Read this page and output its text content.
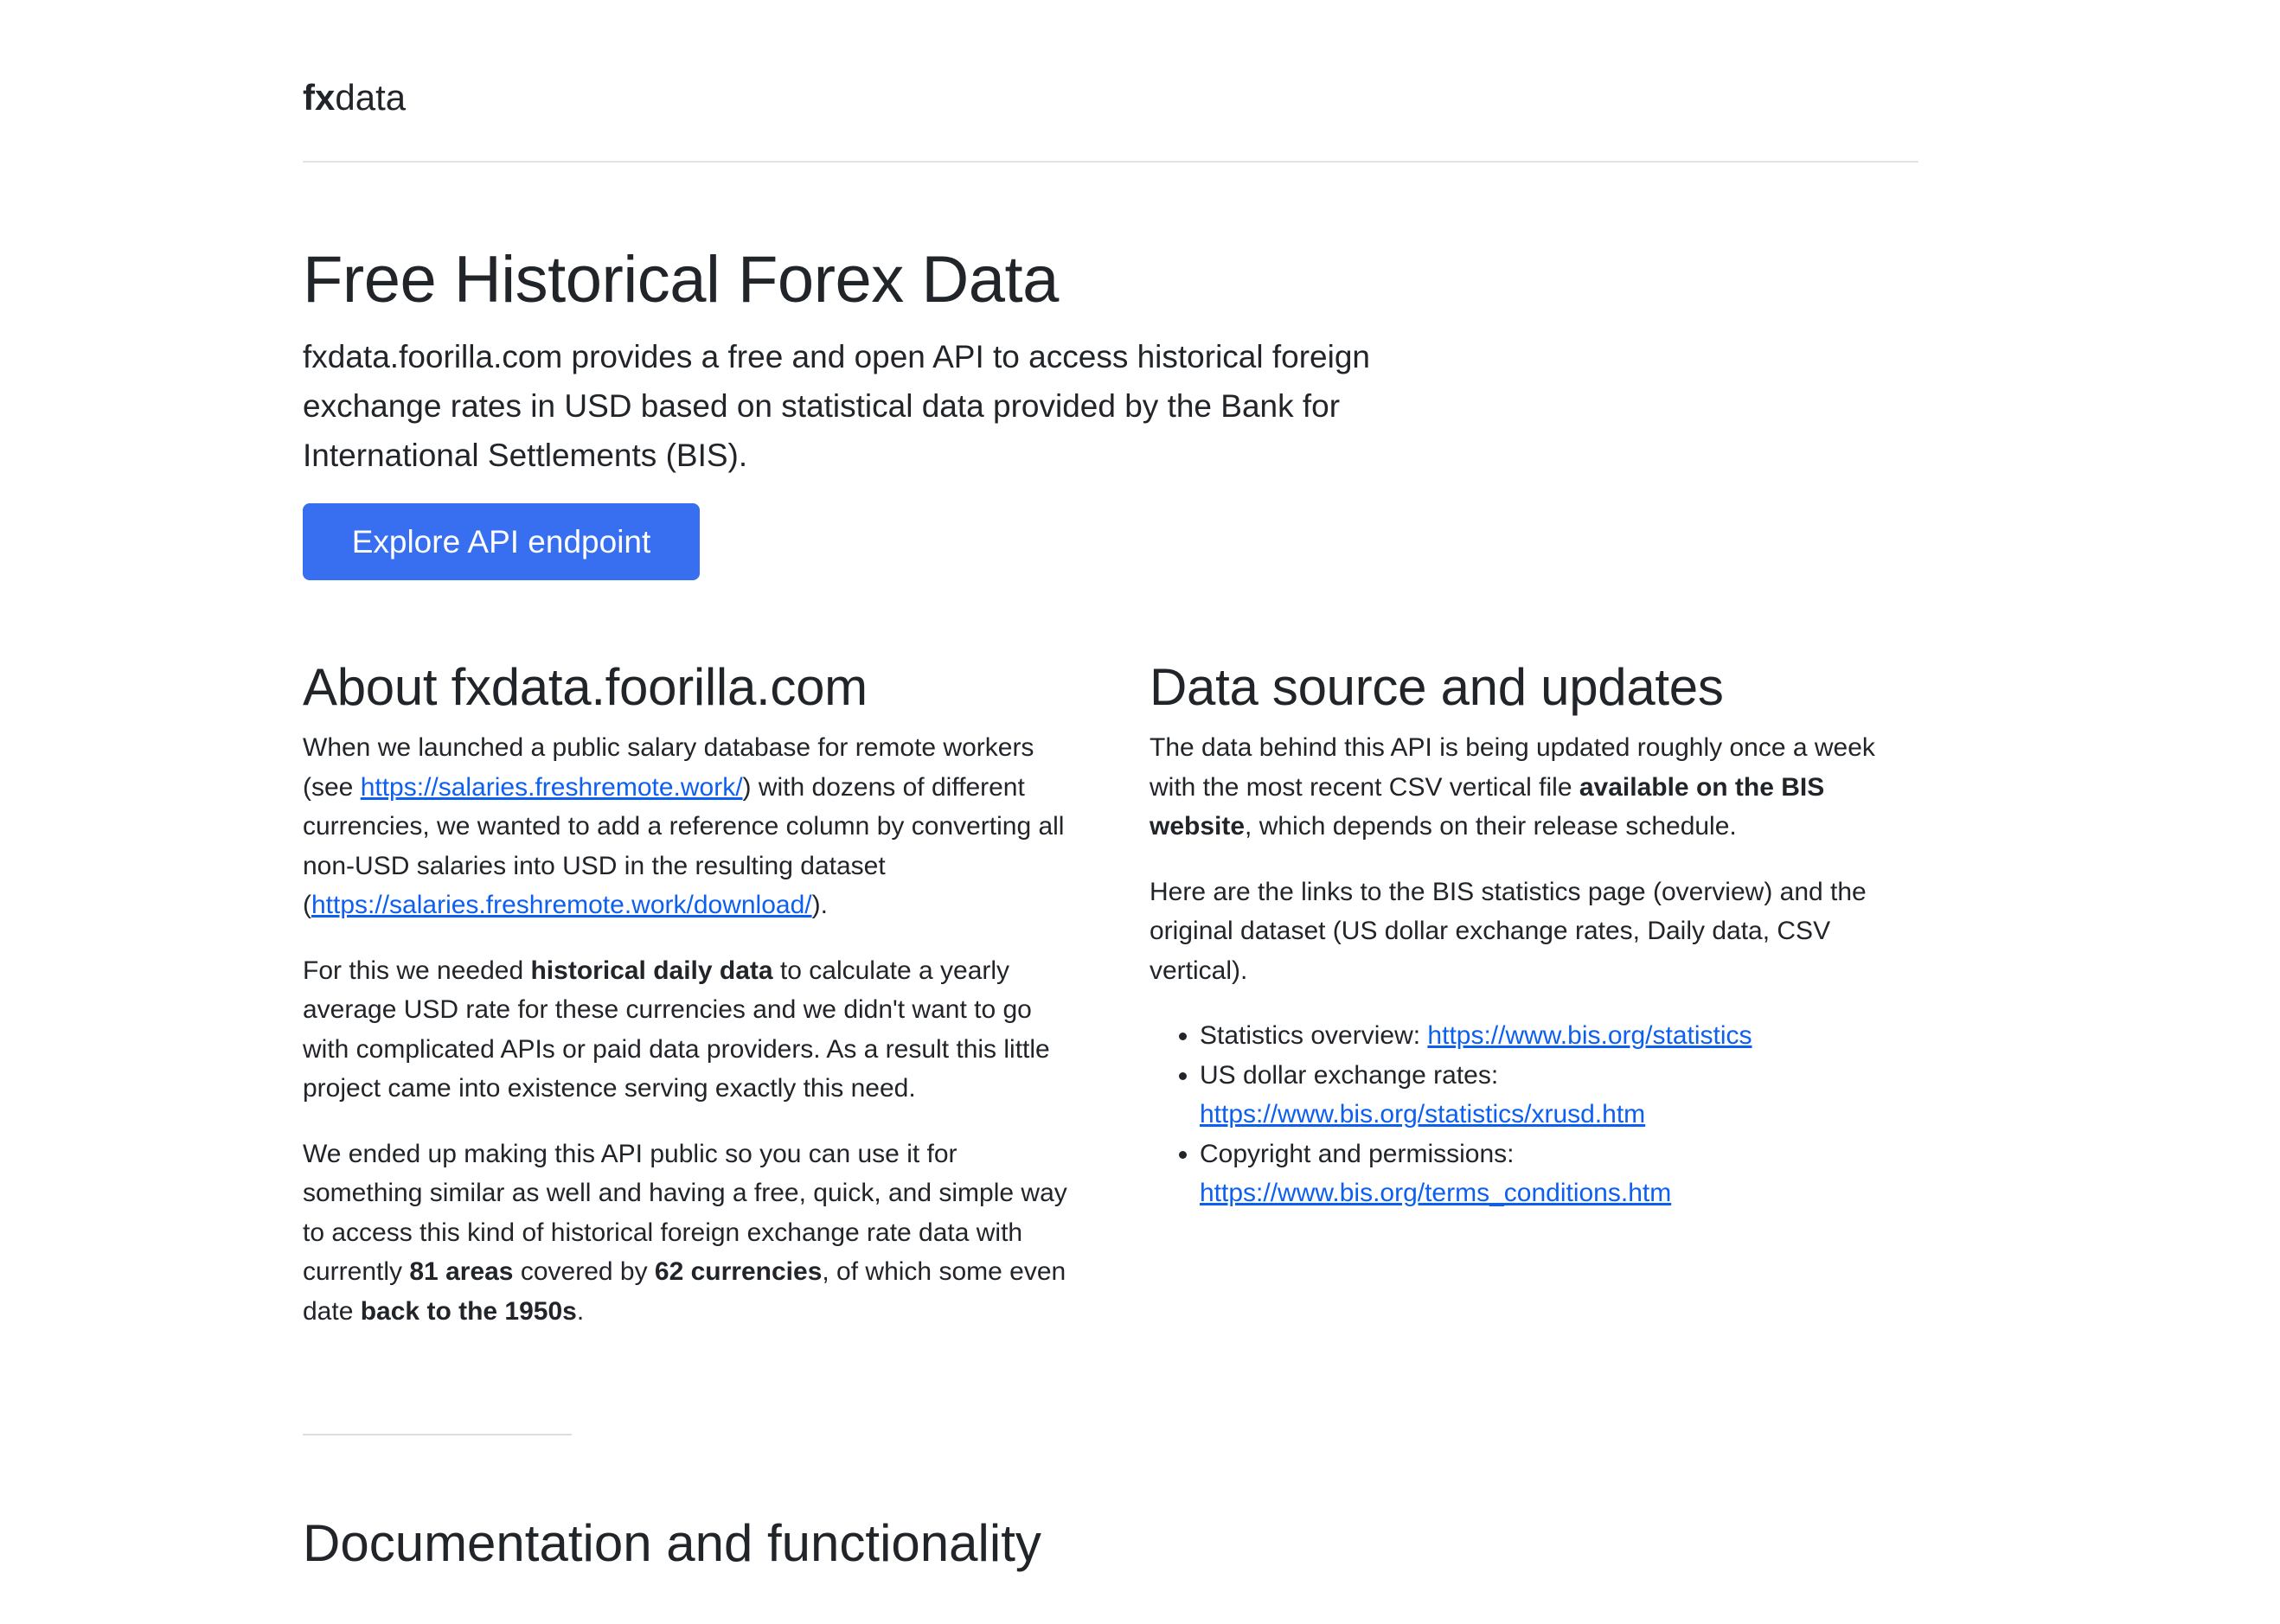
fxdata
Free Historical Forex Data

fxdata.foorilla.com provides a free and open API to access historical foreign exchange rates in USD based on statistical data provided by the Bank for International Settlements (BIS).

Explore API endpoint
About fxdata.foorilla.com

When we launched a public salary database for remote workers (see https://salaries.freshremote.work/) with dozens of different currencies, we wanted to add a reference column by converting all non-USD salaries into USD in the resulting dataset (https://salaries.freshremote.work/download/).

For this we needed historical daily data to calculate a yearly average USD rate for these currencies and we didn't want to go with complicated APIs or paid data providers. As a result this little project came into existence serving exactly this need.

We ended up making this API public so you can use it for something similar as well and having a free, quick, and simple way to access this kind of historical foreign exchange rate data with currently 81 areas covered by 62 currencies, of which some even date back to the 1950s.

Data source and updates

The data behind this API is being updated roughly once a week with the most recent CSV vertical file available on the BIS website, which depends on their release schedule.

Here are the links to the BIS statistics page (overview) and the original dataset (US dollar exchange rates, Daily data, CSV vertical).

• Statistics overview: https://www.bis.org/statistics
• US dollar exchange rates: https://www.bis.org/statistics/xrusd.htm
• Copyright and permissions: https://www.bis.org/terms_conditions.htm
Documentation and functionality
